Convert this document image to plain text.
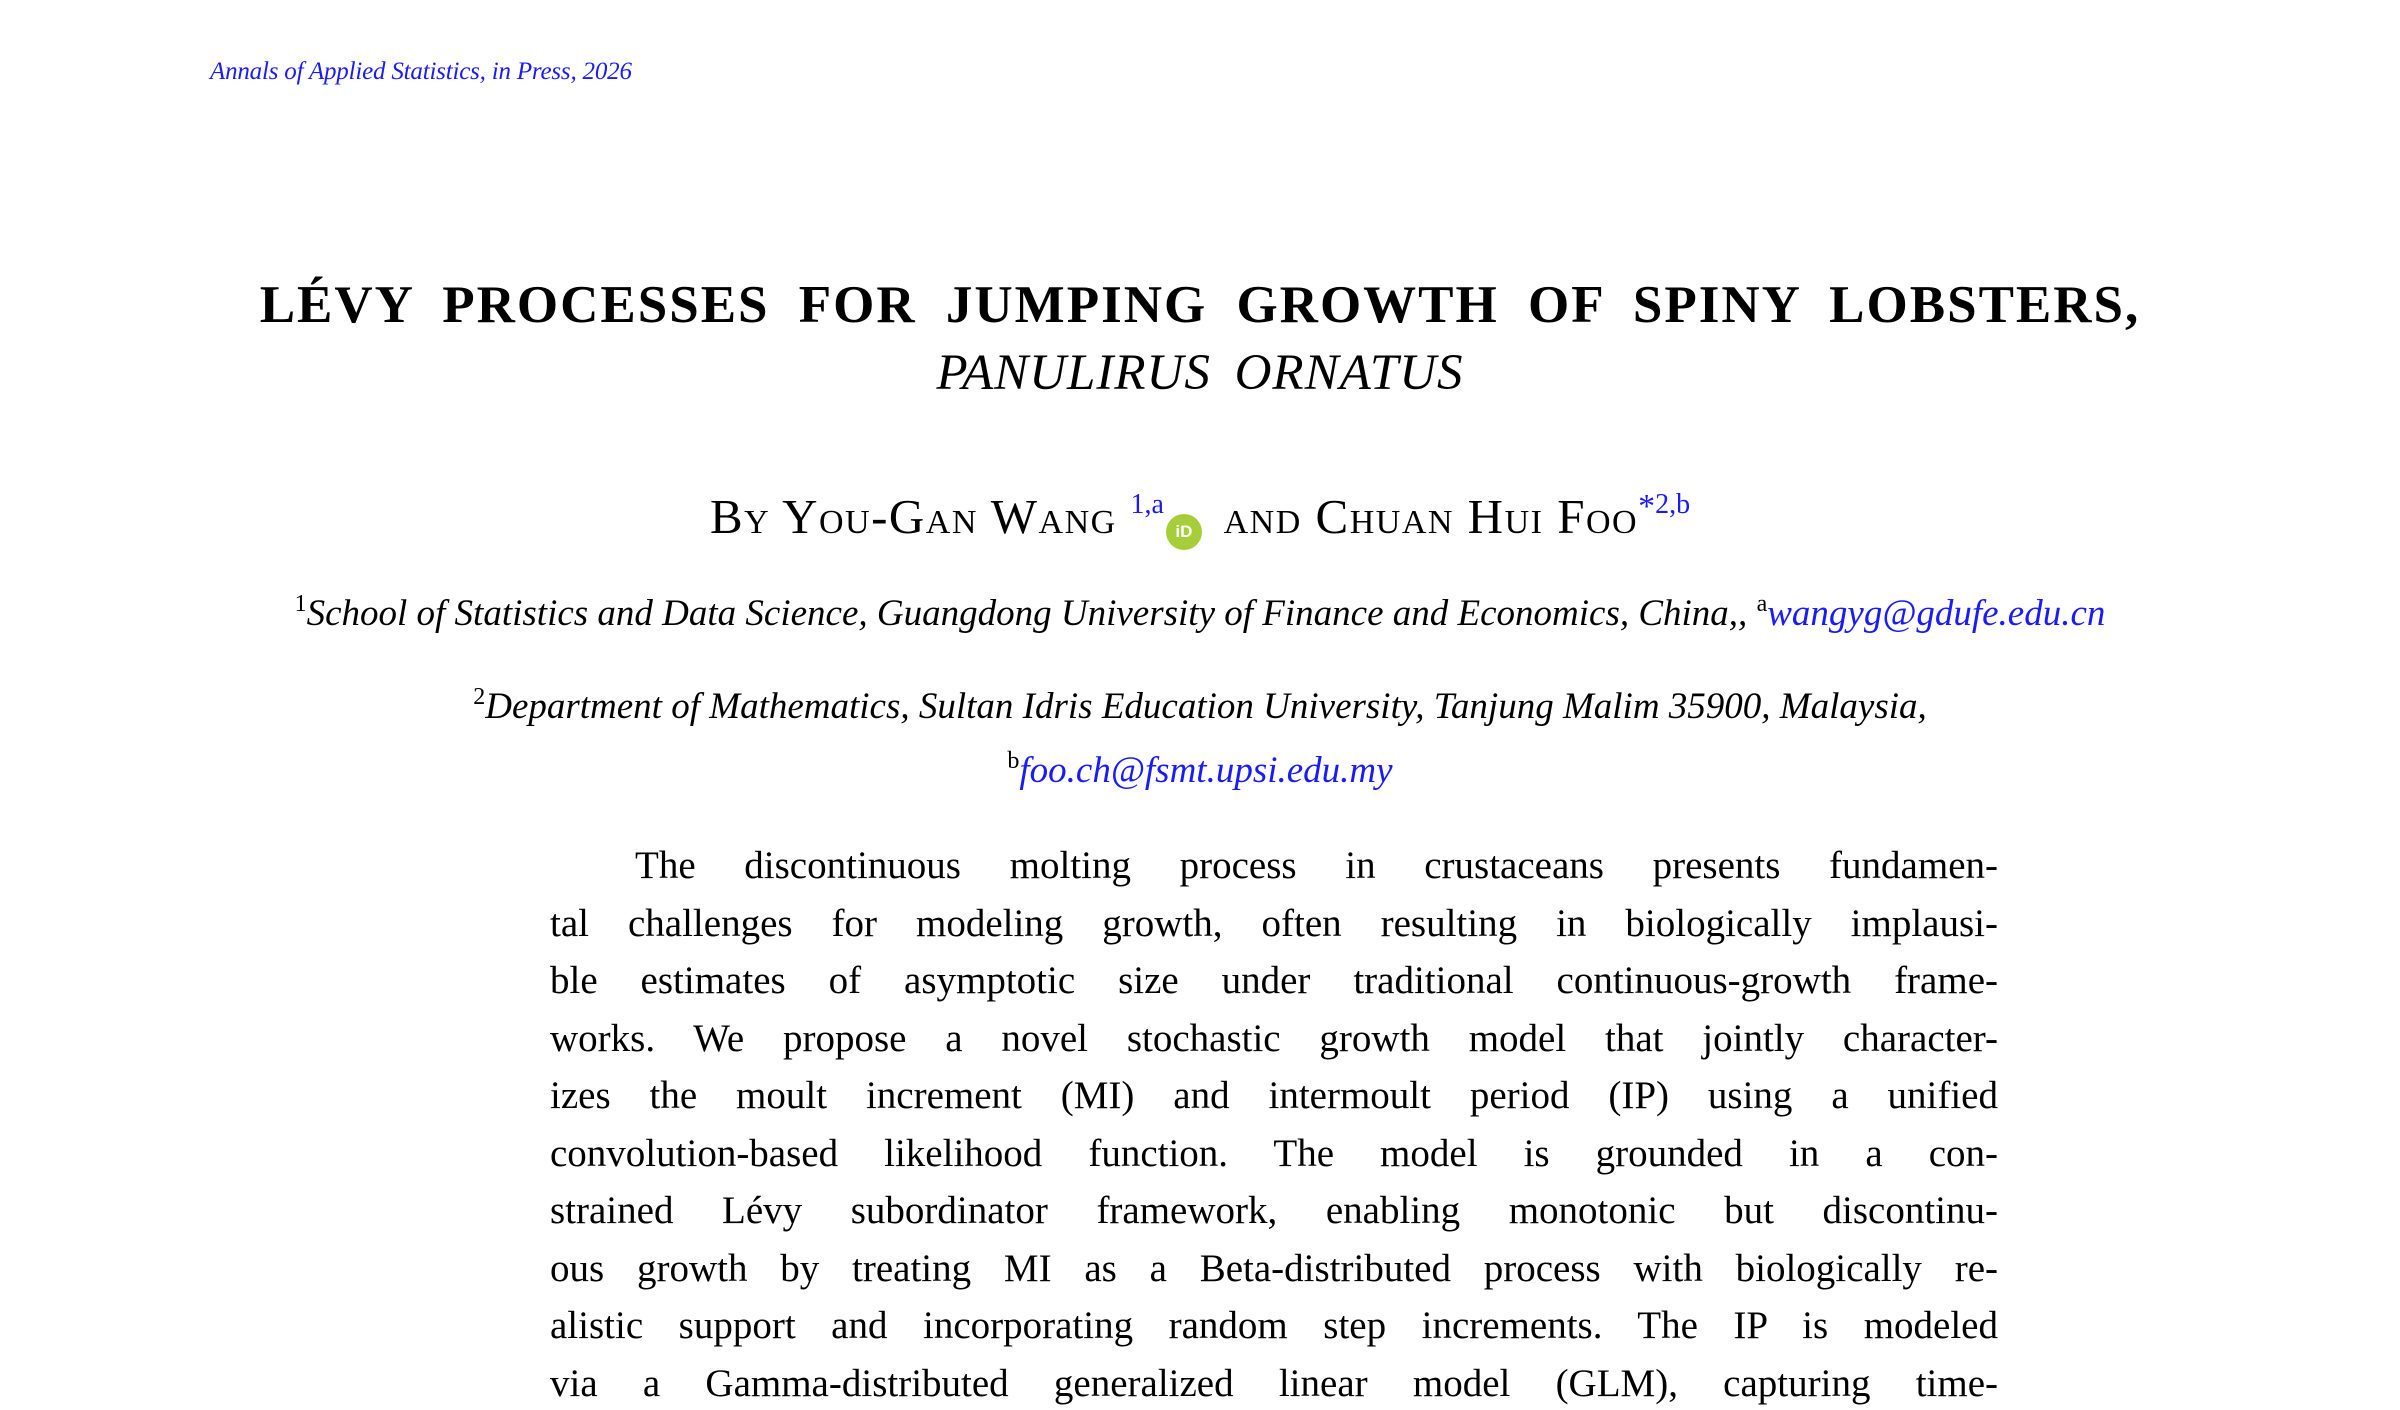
Annals of Applied Statistics, in Press, 2026
LÉVY PROCESSES FOR JUMPING GROWTH OF SPINY LOBSTERS,
PANULIRUS ORNATUS
By You-Gan Wang $^{1,a}$iD and Chuan Hui Foo$^{*2,b}$
$^1$School of Statistics and Data Science, Guangdong University of Finance and Economics, China,, $^a$wangyg@gdufe.edu.cn
$^2$Department of Mathematics, Sultan Idris Education University, Tanjung Malim 35900, Malaysia,
$^b$foo.ch@fsmt.upsi.edu.my
The discontinuous molting process in crustaceans presents fundamen-
tal challenges for modeling growth, often resulting in biologically implausi-
ble estimates of asymptotic size under traditional continuous-growth frame-
works. We propose a novel stochastic growth model that jointly character-
izes the moult increment (MI) and intermoult period (IP) using a unified
convolution-based likelihood function. The model is grounded in a con-
strained Lévy subordinator framework, enabling monotonic but discontinu-
ous growth by treating MI as a Beta-distributed process with biologically re-
alistic support and incorporating random step increments. The IP is modeled
via a Gamma-distributed generalized linear model (GLM), capturing time-
